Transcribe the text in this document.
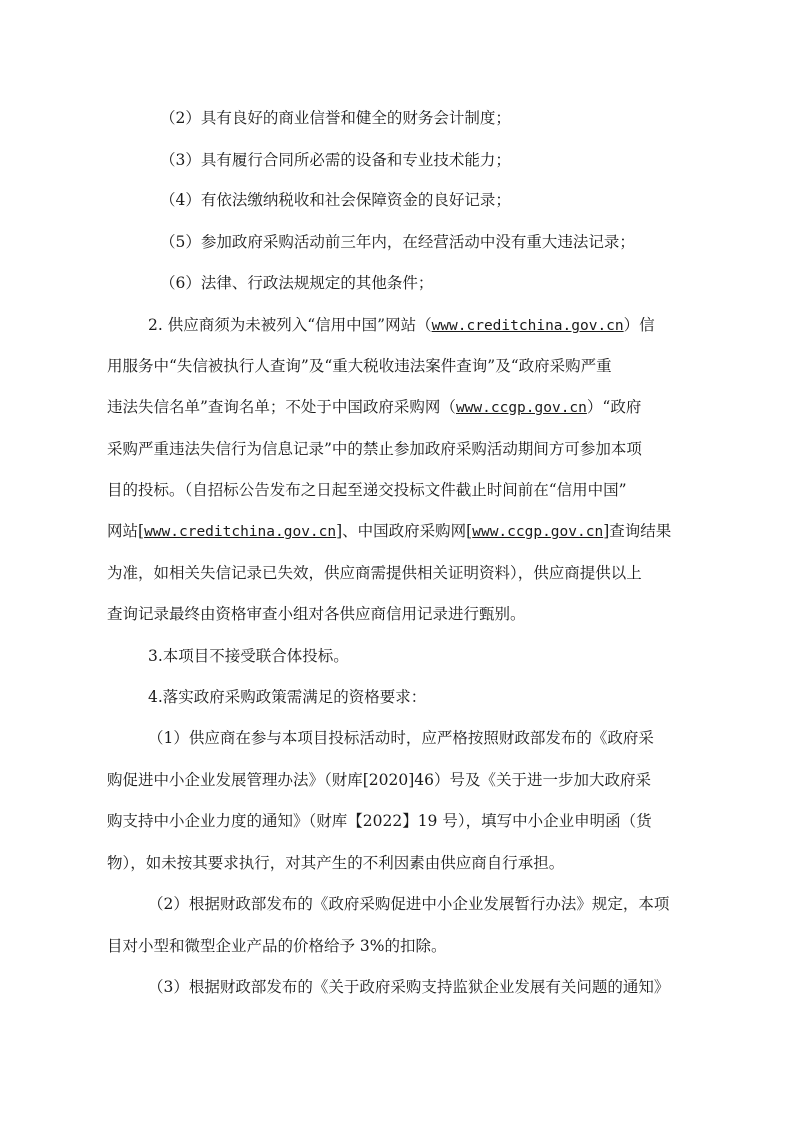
（2）具有良好的商业信誉和健全的财务会计制度；
（3）具有履行合同所必需的设备和专业技术能力；
（4）有依法缴纳税收和社会保障资金的良好记录；
（5）参加政府采购活动前三年内，在经营活动中没有重大违法记录；
（6）法律、行政法规规定的其他条件；
2. 供应商须为未被列入“信用中国”网站（www.creditchina.gov.cn）信
用服务中“失信被执行人查询”及“重大税收违法案件查询”及“政府采购严重
违法失信名单”查询名单；不处于中国政府采购网（www.ccgp.gov.cn）“政府
采购严重违法失信行为信息记录”中的禁止参加政府采购活动期间方可参加本项
目的投标。（自招标公告发布之日起至递交投标文件截止时间前在“信用中国”
网站[www.creditchina.gov.cn]、中国政府采购网[www.ccgp.gov.cn]查询结果
为准，如相关失信记录已失效，供应商需提供相关证明资料），供应商提供以上
查询记录最终由资格审查小组对各供应商信用记录进行甄别。
3.本项目不接受联合体投标。
4.落实政府采购政策需满足的资格要求：
（1）供应商在参与本项目投标活动时，应严格按照财政部发布的《政府采
购促进中小企业发展管理办法》（财库[2020]46）号及《关于进一步加大政府采
购支持中小企业力度的通知》（财库【2022】19 号），填写中小企业申明函（货
物），如未按其要求执行，对其产生的不利因素由供应商自行承担。
（2）根据财政部发布的《政府采购促进中小企业发展暂行办法》规定，本项
目对小型和微型企业产品的价格给予 3%的扣除。
（3）根据财政部发布的《关于政府采购支持监狱企业发展有关问题的通知》
